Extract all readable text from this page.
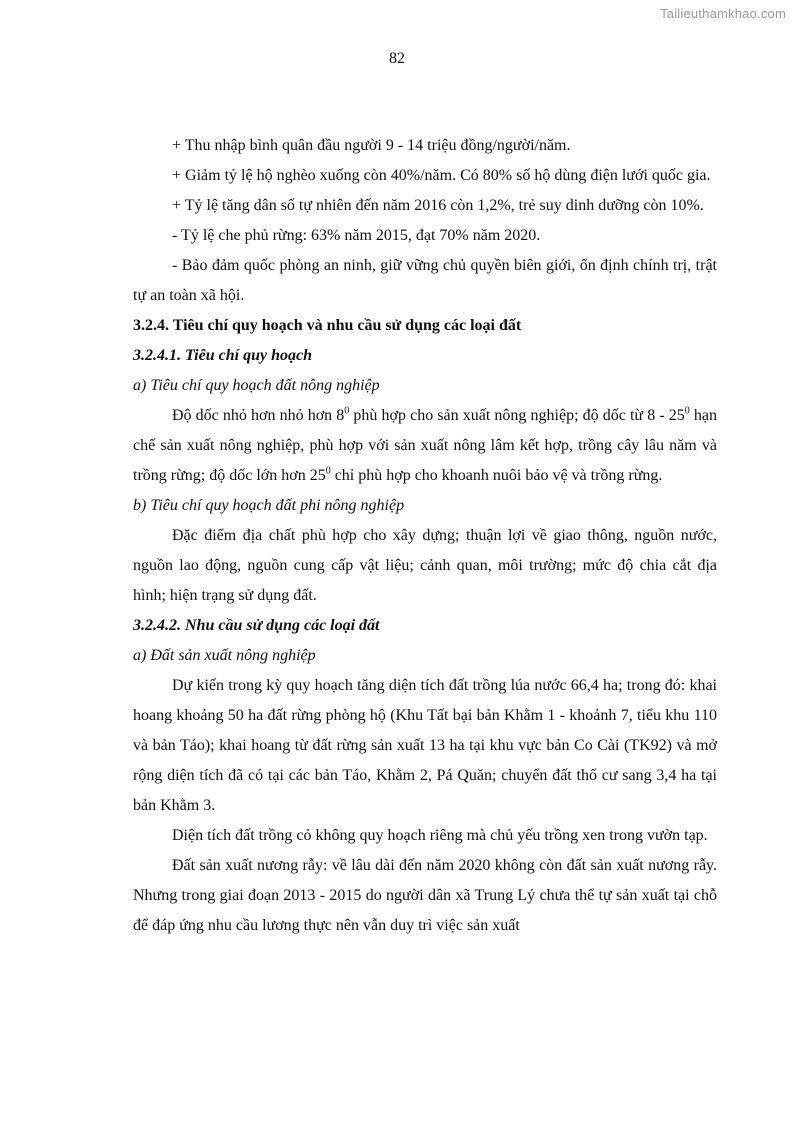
Tailieuthamkhao.com
82
+ Thu nhập bình quân đầu người 9 - 14 triệu đồng/người/năm.
+ Giảm tỷ lệ hộ nghèo xuống còn 40%/năm. Có 80% số hộ dùng điện lưới quốc gia.
+ Tỷ lệ tăng dân số tự nhiên đến năm 2016 còn 1,2%, trẻ suy dinh dưỡng còn 10%.
- Tỷ lệ che phủ rừng: 63% năm 2015, đạt 70% năm 2020.
- Bảo đảm quốc phòng an ninh, giữ vững chủ quyền biên giới, ổn định chính trị, trật tự an toàn xã hội.
3.2.4. Tiêu chí quy hoạch và nhu cầu sử dụng các loại đất
3.2.4.1. Tiêu chí quy hoạch
a) Tiêu chí quy hoạch đất nông nghiệp
Độ dốc nhỏ hơn nhỏ hơn $8^0$ phù hợp cho sản xuất nông nghiệp; độ dốc từ $8 - 25^0$ hạn chế sản xuất nông nghiệp, phù hợp với sản xuất nông lâm kết hợp, trồng cây lâu năm và trồng rừng; độ dốc lớn hơn $25^0$ chỉ phù hợp cho khoanh nuôi bảo vệ và trồng rừng.
b) Tiêu chí quy hoạch đất phi nông nghiệp
Đặc điểm địa chất phù hợp cho xây dựng; thuận lợi về giao thông, nguồn nước, nguồn lao động, nguồn cung cấp vật liệu; cảnh quan, môi trường; mức độ chia cắt địa hình; hiện trạng sử dụng đất.
3.2.4.2. Nhu cầu sử dụng các loại đất
a) Đất sản xuất nông nghiệp
Dự kiến trong kỳ quy hoạch tăng diện tích đất trồng lúa nước 66,4 ha; trong đó: khai hoang khoảng 50 ha đất rừng phòng hộ (Khu Tất bại bản Khằm 1 - khoảnh 7, tiểu khu 110 và bản Táo); khai hoang từ đất rừng sản xuất 13 ha tại khu vực bản Co Cài (TK92) và mở rộng diện tích đã có tại các bản Táo, Khằm 2, Pá Quăn; chuyển đất thổ cư sang 3,4 ha tại bản Khằm 3.
Diện tích đất trồng cỏ không quy hoạch riêng mà chủ yếu trồng xen trong vườn tạp.
Đất sản xuất nương rẫy: về lâu dài đến năm 2020 không còn đất sản xuất nương rẫy. Nhưng trong giai đoạn 2013 - 2015 do người dân xã Trung Lý chưa thể tự sản xuất tại chỗ để đáp ứng nhu cầu lương thực nên vẫn duy trì việc sản xuất
